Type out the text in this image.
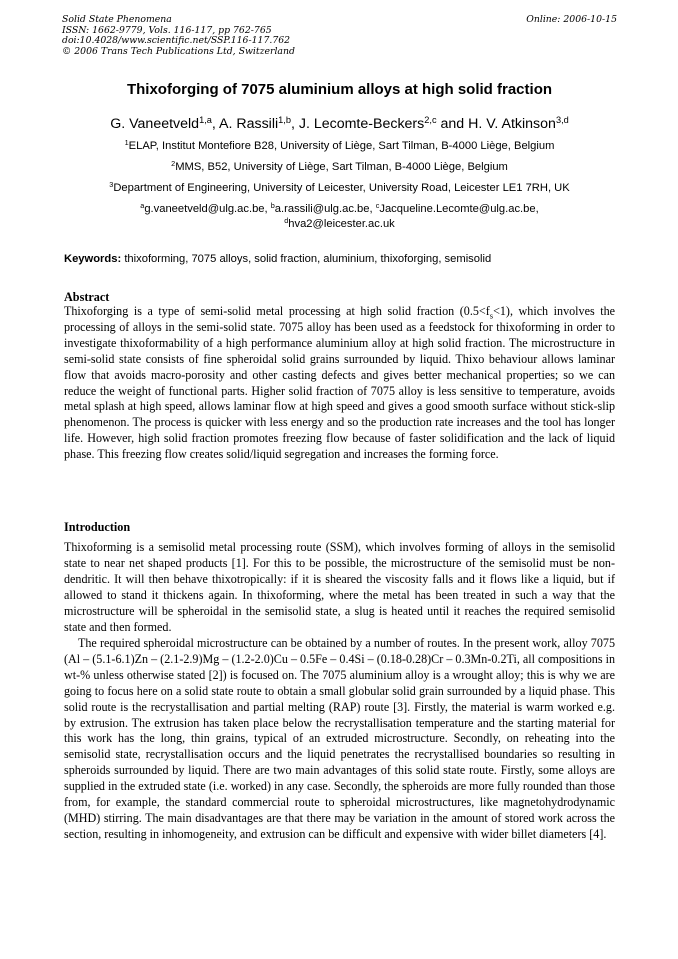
Solid State Phenomena
ISSN: 1662-9779, Vols. 116-117, pp 762-765
doi:10.4028/www.scientific.net/SSP.116-117.762
© 2006 Trans Tech Publications Ltd, Switzerland
Online: 2006-10-15
Thixoforging of 7075 aluminium alloys at high solid fraction
G. Vaneetveld$^{1,a}$, A. Rassili$^{1,b}$, J. Lecomte-Beckers$^{2,c}$ and H. V. Atkinson$^{3,d}$
$^1$ELAP, Institut Montefiore B28, University of Liège, Sart Tilman, B-4000 Liège, Belgium
$^2$MMS, B52, University of Liège, Sart Tilman, B-4000 Liège, Belgium
$^3$Department of Engineering, University of Leicester, University Road, Leicester LE1 7RH, UK
$^a$g.vaneetveld@ulg.ac.be, $^b$a.rassili@ulg.ac.be, $^c$Jacqueline.Lecomte@ulg.ac.be,
$^d$hva2@leicester.ac.uk
Keywords: thixoforming, 7075 alloys, solid fraction, aluminium, thixoforging, semisolid
Abstract
Thixoforging is a type of semi-solid metal processing at high solid fraction $(0.5<f_s<1)$, which involves the processing of alloys in the semi-solid state. 7075 alloy has been used as a feedstock for thixoforming in order to investigate thixoformability of a high performance aluminium alloy at high solid fraction. The microstructure in semi-solid state consists of fine spheroidal solid grains surrounded by liquid. Thixo behaviour allows laminar flow that avoids macro-porosity and other casting defects and gives better mechanical properties; so we can reduce the weight of functional parts. Higher solid fraction of 7075 alloy is less sensitive to temperature, avoids metal splash at high speed, allows laminar flow at high speed and gives a good smooth surface without stick-slip phenomenon. The process is quicker with less energy and so the production rate increases and the tool has longer life. However, high solid fraction promotes freezing flow because of faster solidification and the lack of liquid phase. This freezing flow creates solid/liquid segregation and increases the forming force.
Introduction
Thixoforming is a semisolid metal processing route (SSM), which involves forming of alloys in the semisolid state to near net shaped products [1]. For this to be possible, the microstructure of the semisolid must be non-dendritic. It will then behave thixotropically: if it is sheared the viscosity falls and it flows like a liquid, but if allowed to stand it thickens again. In thixoforming, where the metal has been treated in such a way that the microstructure will be spheroidal in the semisolid state, a slug is heated until it reaches the required semisolid state and then formed.
The required spheroidal microstructure can be obtained by a number of routes. In the present work, alloy 7075 (Al – (5.1-6.1)Zn – (2.1-2.9)Mg – (1.2-2.0)Cu – 0.5Fe – 0.4Si – (0.18-0.28)Cr – 0.3Mn-0.2Ti, all compositions in wt-% unless otherwise stated [2]) is focused on. The 7075 aluminium alloy is a wrought alloy; this is why we are going to focus here on a solid state route to obtain a small globular solid grain surrounded by a liquid phase. This solid route is the recrystallisation and partial melting (RAP) route [3]. Firstly, the material is warm worked e.g. by extrusion. The extrusion has taken place below the recrystallisation temperature and the starting material for this work has the long, thin grains, typical of an extruded microstructure. Secondly, on reheating into the semisolid state, recrystallisation occurs and the liquid penetrates the recrystallised boundaries so resulting in spheroids surrounded by liquid. There are two main advantages of this solid state route. Firstly, some alloys are supplied in the extruded state (i.e. worked) in any case. Secondly, the spheroids are more fully rounded than those from, for example, the standard commercial route to spheroidal microstructures, like magnetohydrodynamic (MHD) stirring. The main disadvantages are that there may be variation in the amount of stored work across the section, resulting in inhomogeneity, and extrusion can be difficult and expensive with wider billet diameters [4].
